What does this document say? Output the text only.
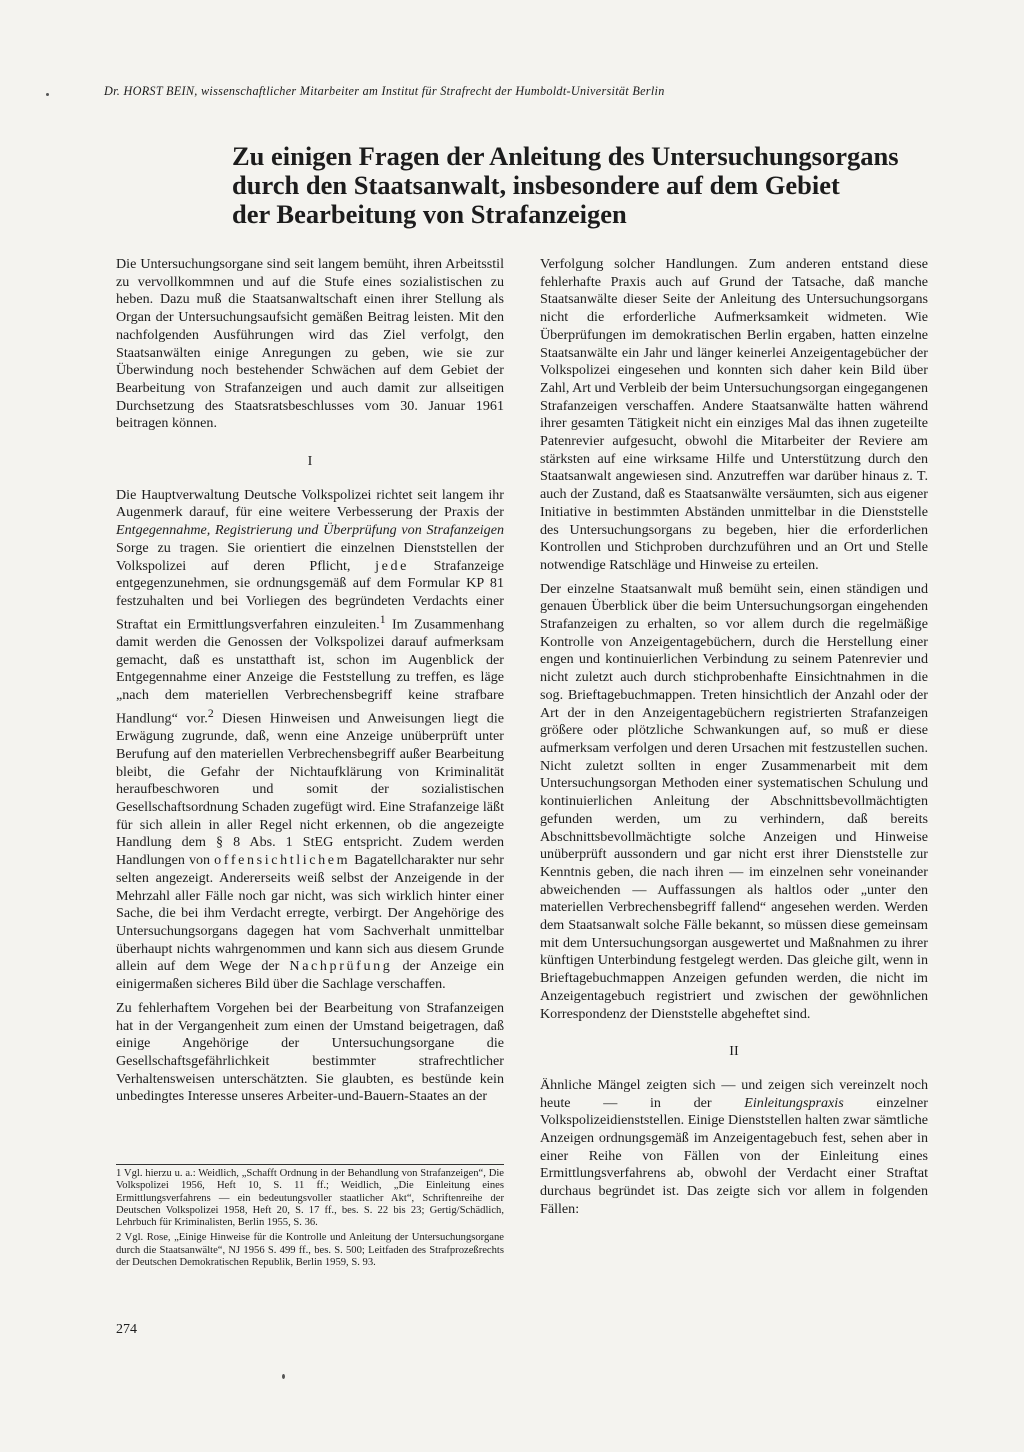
Dr. HORST BEIN, wissenschaftlicher Mitarbeiter am Institut für Strafrecht der Humboldt-Universität Berlin
Zu einigen Fragen der Anleitung des Untersuchungsorgans
durch den Staatsanwalt, insbesondere auf dem Gebiet
der Bearbeitung von Strafanzeigen

Die Untersuchungsorgane sind seit langem bemüht, ihren Arbeitsstil zu vervollkommnen und auf die Stufe eines sozialistischen zu heben. Dazu muß die Staatsanwaltschaft einen ihrer Stellung als Organ der Untersuchungsaufsicht gemäßen Beitrag leisten. Mit den nachfolgenden Ausführungen wird das Ziel verfolgt, den Staatsanwälten einige Anregungen zu geben, wie sie zur Überwindung noch bestehender Schwächen auf dem Gebiet der Bearbeitung von Strafanzeigen und auch damit zur allseitigen Durchsetzung des Staatsratsbeschlusses vom 30. Januar 1961 beitragen können.

I

Die Hauptverwaltung Deutsche Volkspolizei richtet seit langem ihr Augenmerk darauf, für eine weitere Verbesserung der Praxis der Entgegennahme, Registrierung und Überprüfung von Strafanzeigen Sorge zu tragen. Sie orientiert die einzelnen Dienststellen der Volkspolizei auf deren Pflicht, jede Strafanzeige entgegenzunehmen, sie ordnungsgemäß auf dem Formular KP 81 festzuhalten und bei Vorliegen des begründeten Verdachts einer Straftat ein Ermittlungsverfahren einzuleiten.$^1$ Im Zusammenhang damit werden die Genossen der Volkspolizei darauf aufmerksam gemacht, daß es unstatthaft ist, schon im Augenblick der Entgegennahme einer Anzeige die Feststellung zu treffen, es läge „nach dem materiellen Verbrechensbegriff keine strafbare Handlung“ vor.$^2$ Diesen Hinweisen und Anweisungen liegt die Erwägung zugrunde, daß, wenn eine Anzeige unüberprüft unter Berufung auf den materiellen Verbrechensbegriff außer Bearbeitung bleibt, die Gefahr der Nichtaufklärung von Kriminalität heraufbeschworen und somit der sozialistischen Gesellschaftsordnung Schaden zugefügt wird. Eine Strafanzeige läßt für sich allein in aller Regel nicht erkennen, ob die angezeigte Handlung dem § 8 Abs. 1 StEG entspricht. Zudem werden Handlungen von offensichtlichem Bagatellcharakter nur sehr selten angezeigt. Andererseits weiß selbst der Anzeigende in der Mehrzahl aller Fälle noch gar nicht, was sich wirklich hinter einer Sache, die bei ihm Verdacht erregte, verbirgt. Der Angehörige des Untersuchungsorgans dagegen hat vom Sachverhalt unmittelbar überhaupt nichts wahrgenommen und kann sich aus diesem Grunde allein auf dem Wege der Nachprüfung der Anzeige ein einigermaßen sicheres Bild über die Sachlage verschaffen.

Zu fehlerhaftem Vorgehen bei der Bearbeitung von Strafanzeigen hat in der Vergangenheit zum einen der Umstand beigetragen, daß einige Angehörige der Untersuchungsorgane die Gesellschaftsgefährlichkeit bestimmter strafrechtlicher Verhaltensweisen unterschätzten. Sie glaubten, es bestünde kein unbedingtes Interesse unseres Arbeiter-und-Bauern-Staates an der

1 Vgl. hierzu u. a.: Weidlich, „Schafft Ordnung in der Behandlung von Strafanzeigen“, Die Volkspolizei 1956, Heft 10, S. 11 ff.; Weidlich, „Die Einleitung eines Ermittlungsverfahrens — ein bedeutungsvoller staatlicher Akt“, Schriftenreihe der Deutschen Volkspolizei 1958, Heft 20, S. 17 ff., bes. S. 22 bis 23; Gertig/Schädlich, Lehrbuch für Kriminalisten, Berlin 1955, S. 36.

2 Vgl. Rose, „Einige Hinweise für die Kontrolle und Anleitung der Untersuchungsorgane durch die Staatsanwälte“, NJ 1956 S. 499 ff., bes. S. 500; Leitfaden des Strafprozeßrechts der Deutschen Demokratischen Republik, Berlin 1959, S. 93.

Verfolgung solcher Handlungen. Zum anderen entstand diese fehlerhafte Praxis auch auf Grund der Tatsache, daß manche Staatsanwälte dieser Seite der Anleitung des Untersuchungsorgans nicht die erforderliche Aufmerksamkeit widmeten. Wie Überprüfungen im demokratischen Berlin ergaben, hatten einzelne Staatsanwälte ein Jahr und länger keinerlei Anzeigentagebücher der Volkspolizei eingesehen und konnten sich daher kein Bild über Zahl, Art und Verbleib der beim Untersuchungsorgan eingegangenen Strafanzeigen verschaffen. Andere Staatsanwälte hatten während ihrer gesamten Tätigkeit nicht ein einziges Mal das ihnen zugeteilte Patenrevier aufgesucht, obwohl die Mitarbeiter der Reviere am stärksten auf eine wirksame Hilfe und Unterstützung durch den Staatsanwalt angewiesen sind. Anzutreffen war darüber hinaus z. T. auch der Zustand, daß es Staatsanwälte versäumten, sich aus eigener Initiative in bestimmten Abständen unmittelbar in die Dienststelle des Untersuchungsorgans zu begeben, hier die erforderlichen Kontrollen und Stichproben durchzuführen und an Ort und Stelle notwendige Ratschläge und Hinweise zu erteilen.

Der einzelne Staatsanwalt muß bemüht sein, einen ständigen und genauen Überblick über die beim Untersuchungsorgan eingehenden Strafanzeigen zu erhalten, so vor allem durch die regelmäßige Kontrolle von Anzeigentagebüchern, durch die Herstellung einer engen und kontinuierlichen Verbindung zu seinem Patenrevier und nicht zuletzt auch durch stichprobenhafte Einsichtnahmen in die sog. Brieftagebuchmappen. Treten hinsichtlich der Anzahl oder der Art der in den Anzeigentagebüchern registrierten Strafanzeigen größere oder plötzliche Schwankungen auf, so muß er diese aufmerksam verfolgen und deren Ursachen mit festzustellen suchen. Nicht zuletzt sollten in enger Zusammenarbeit mit dem Untersuchungsorgan Methoden einer systematischen Schulung und kontinuierlichen Anleitung der Abschnittsbevollmächtigten gefunden werden, um zu verhindern, daß bereits Abschnittsbevollmächtigte solche Anzeigen und Hinweise unüberprüft aussondern und gar nicht erst ihrer Dienststelle zur Kenntnis geben, die nach ihren — im einzelnen sehr voneinander abweichenden — Auffassungen als haltlos oder „unter den materiellen Verbrechensbegriff fallend“ angesehen werden. Werden dem Staatsanwalt solche Fälle bekannt, so müssen diese gemeinsam mit dem Untersuchungsorgan ausgewertet und Maßnahmen zu ihrer künftigen Unterbindung festgelegt werden. Das gleiche gilt, wenn in Brieftagebuchmappen Anzeigen gefunden werden, die nicht im Anzeigentagebuch registriert und zwischen der gewöhnlichen Korrespondenz der Dienststelle abgeheftet sind.

II

Ähnliche Mängel zeigten sich — und zeigen sich vereinzelt noch heute — in der Einleitungspraxis einzelner Volkspolizeidienststellen. Einige Dienststellen halten zwar sämtliche Anzeigen ordnungsgemäß im Anzeigentagebuch fest, sehen aber in einer Reihe von Fällen von der Einleitung eines Ermittlungsverfahrens ab, obwohl der Verdacht einer Straftat durchaus begründet ist. Das zeigte sich vor allem in folgenden Fällen:

274
